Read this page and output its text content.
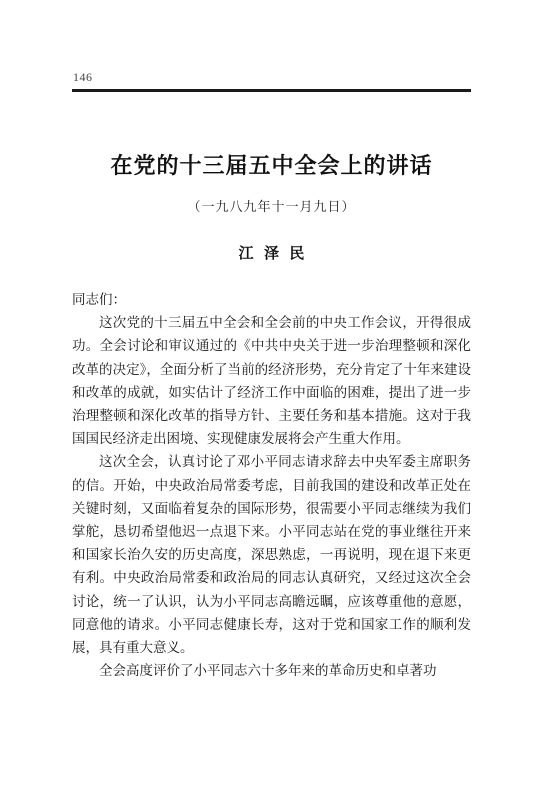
146
在党的十三届五中全会上的讲话
（一九八九年十一月九日）
江  泽  民

同志们：

这次党的十三届五中全会和全会前的中央工作会议，开得很成功。全会讨论和审议通过的《中共中央关于进一步治理整顿和深化改革的决定》，全面分析了当前的经济形势，充分肯定了十年来建设和改革的成就，如实估计了经济工作中面临的困难，提出了进一步治理整顿和深化改革的指导方针、主要任务和基本措施。这对于我国国民经济走出困境、实现健康发展将会产生重大作用。

这次全会，认真讨论了邓小平同志请求辞去中央军委主席职务的信。开始，中央政治局常委考虑，目前我国的建设和改革正处在关键时刻，又面临着复杂的国际形势，很需要小平同志继续为我们掌舵，恳切希望他迟一点退下来。小平同志站在党的事业继往开来和国家长治久安的历史高度，深思熟虑，一再说明，现在退下来更有利。中央政治局常委和政治局的同志认真研究，又经过这次全会讨论，统一了认识，认为小平同志高瞻远瞩，应该尊重他的意愿，同意他的请求。小平同志健康长寿，这对于党和国家工作的顺利发展，具有重大意义。

全会高度评价了小平同志六十多年来的革命历史和卓著功
